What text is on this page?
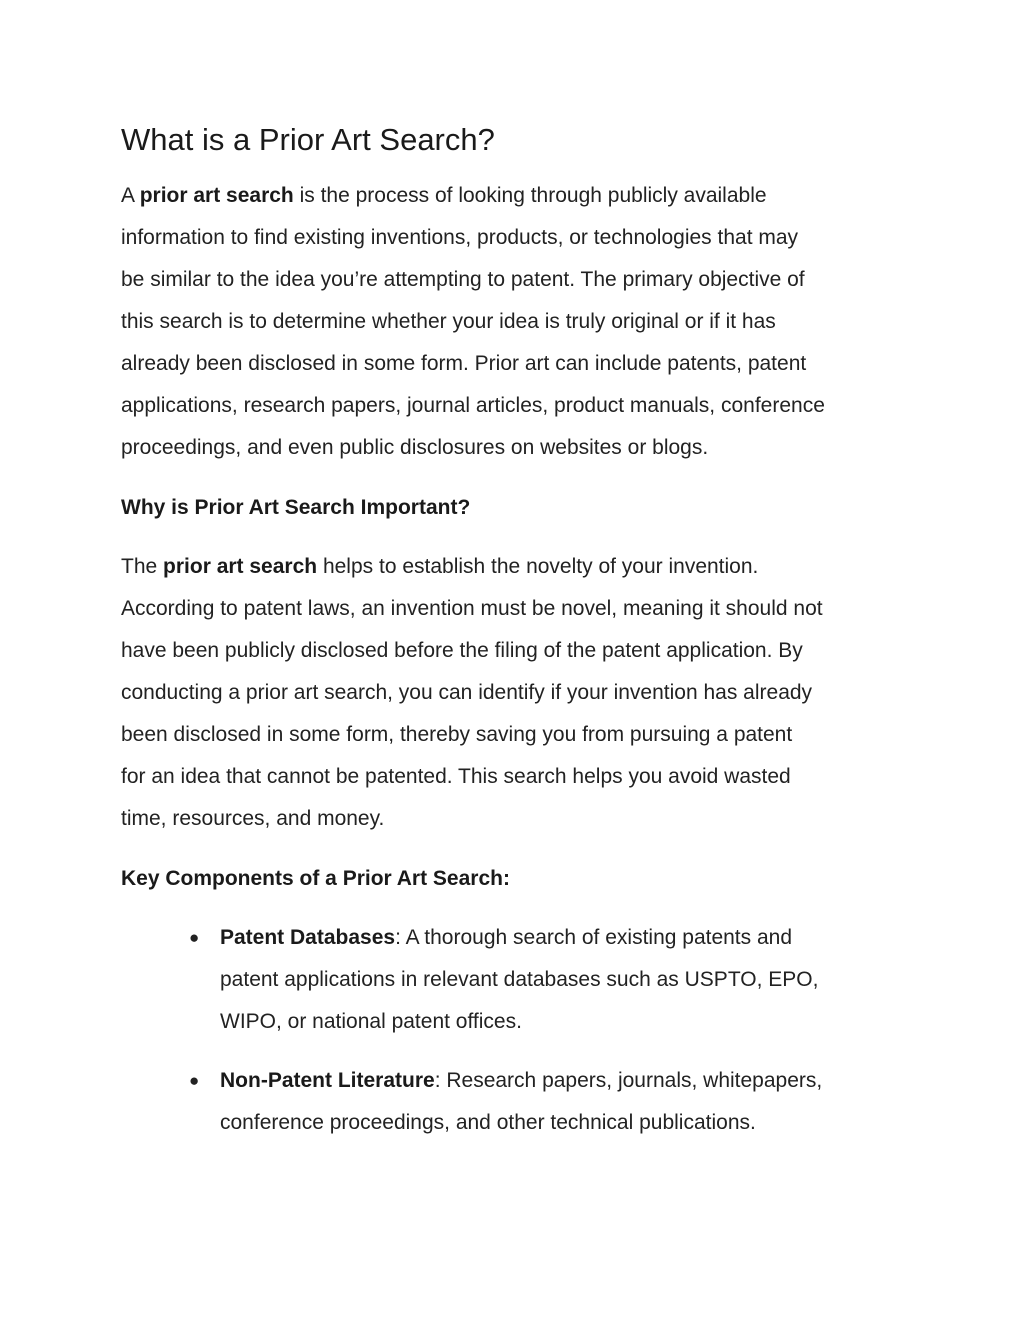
What is a Prior Art Search?

A prior art search is the process of looking through publicly available
information to find existing inventions, products, or technologies that may
be similar to the idea you’re attempting to patent. The primary objective of
this search is to determine whether your idea is truly original or if it has
already been disclosed in some form. Prior art can include patents, patent
applications, research papers, journal articles, product manuals, conference
proceedings, and even public disclosures on websites or blogs.

Why is Prior Art Search Important?

The prior art search helps to establish the novelty of your invention.
According to patent laws, an invention must be novel, meaning it should not
have been publicly disclosed before the filing of the patent application. By
conducting a prior art search, you can identify if your invention has already
been disclosed in some form, thereby saving you from pursuing a patent
for an idea that cannot be patented. This search helps you avoid wasted
time, resources, and money.

Key Components of a Prior Art Search:
● Patent Databases: A thorough search of existing patents and
patent applications in relevant databases such as USPTO, EPO,
WIPO, or national patent offices.
● Non-Patent Literature: Research papers, journals, whitepapers,
conference proceedings, and other technical publications.
